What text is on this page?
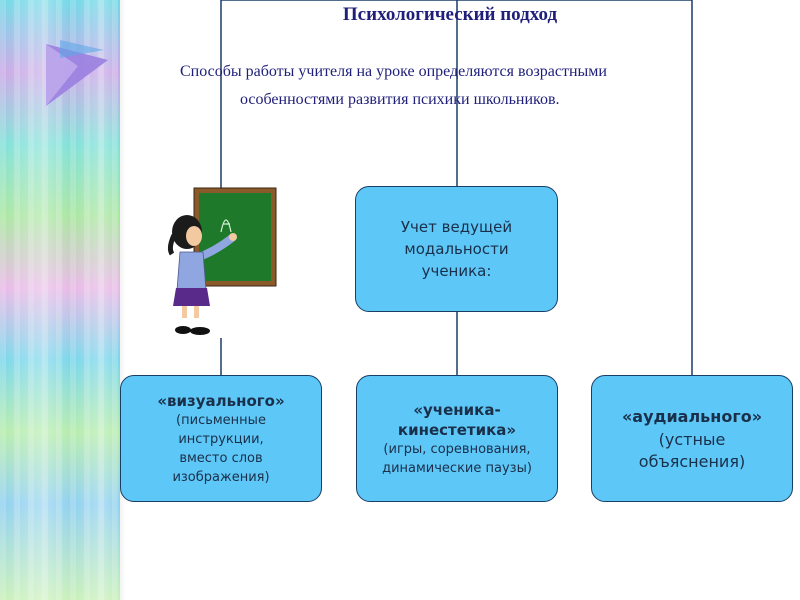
Психологический подход

Способы работы учителя на уроке определяются возрастными
особенностями развития психики школьников.

Учет ведущей
модальности
ученика:
«визуального»
(письменные
инструкции,
вместо слов
изображения)
«ученика-
кинестетика»
(игры, соревнования,
динамические паузы)
«аудиального»
(устные
объяснения)
